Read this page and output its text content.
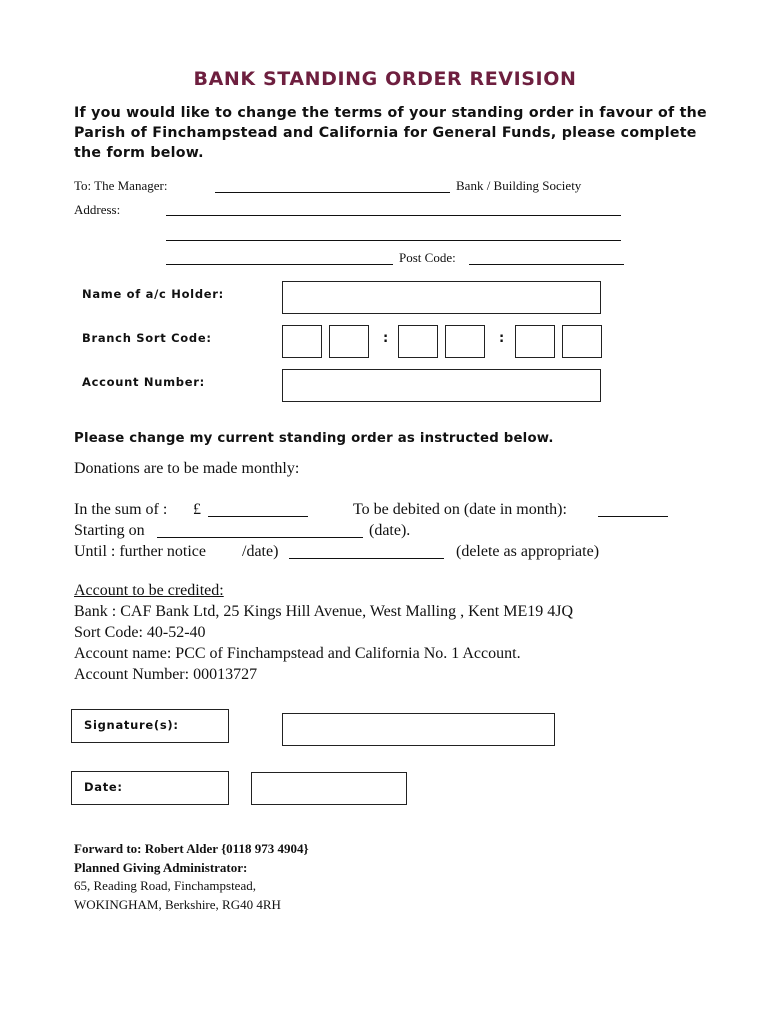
BANK STANDING ORDER REVISION
If you would like to change the terms of your standing order in favour of the Parish of Finchampstead and California for General Funds, please complete the form below.
To: The Manager:	Bank / Building Society
Address:
Post Code:
Name of a/c Holder:
Branch Sort Code:	:	:
Account Number:
Please change my current standing order as instructed below.
Donations are to be made monthly:
In the sum of : £	To be debited on (date in month):
Starting on	(date).
Until : further notice /date)	(delete as appropriate)
Account to be credited:
Bank : CAF Bank Ltd, 25 Kings Hill Avenue, West Malling , Kent ME19 4JQ
Sort Code: 40-52-40
Account name: PCC of Finchampstead and California No. 1 Account.
Account Number: 00013727
Signature(s):
Date:
Forward to: Robert Alder {0118 973 4904}
Planned Giving Administrator:
65, Reading Road, Finchampstead,
WOKINGHAM, Berkshire, RG40 4RH
